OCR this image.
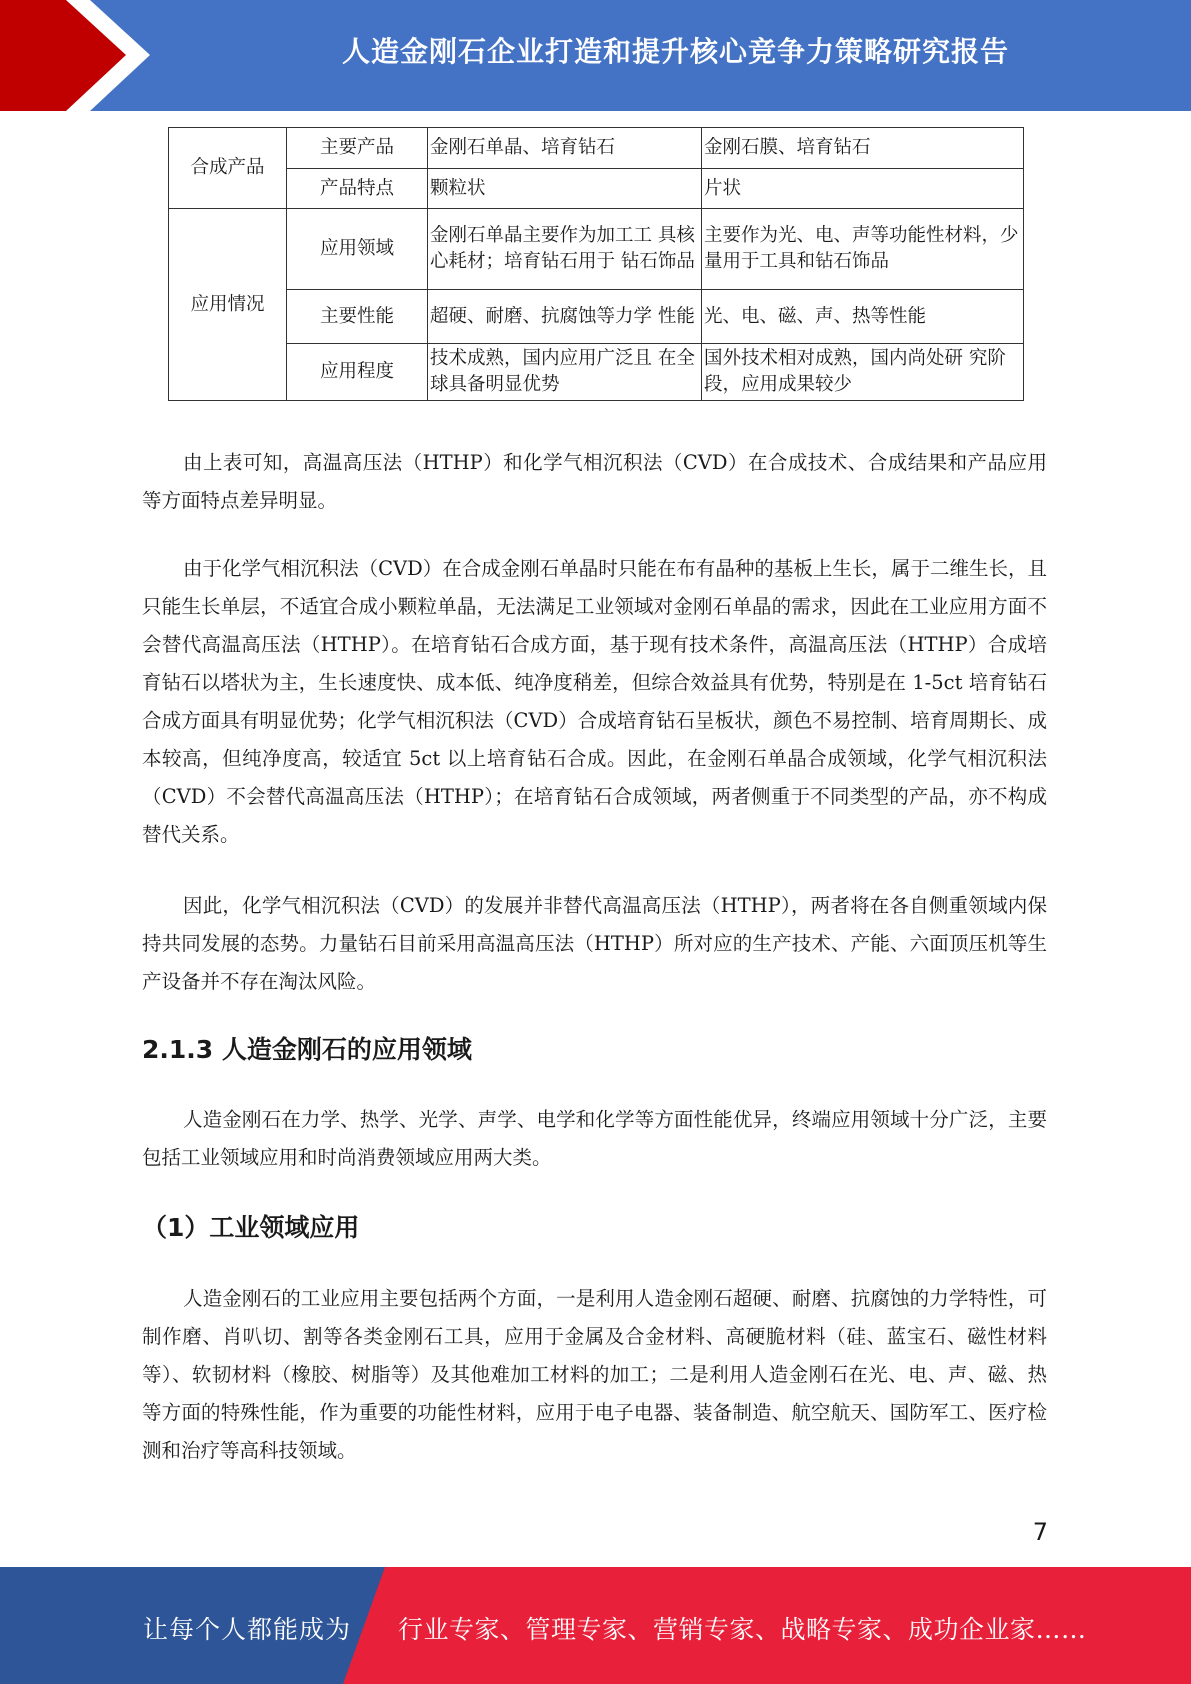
人造金刚石企业打造和提升核心竞争力策略研究报告
合成产品	主要产品	金刚石单晶、培育钻石	金刚石膜、培育钻石
	产品特点	颗粒状	片状
应用情况	应用领域	金刚石单晶主要作为加工工 具核心耗材；培育钻石用于 钻石饰品	主要作为光、电、声等功能性材料，少量用于工具和钻石饰品
	主要性能	超硬、耐磨、抗腐蚀等力学 性能	光、电、磁、声、热等性能
	应用程度	技术成熟，国内应用广泛且 在全球具备明显优势	国外技术相对成熟，国内尚处研 究阶段，应用成果较少

由上表可知，高温高压法（HTHP）和化学气相沉积法（CVD）在合成技术、合成结果和产品应用等方面特点差异明显。

由于化学气相沉积法（CVD）在合成金刚石单晶时只能在布有晶种的基板上生长，属于二维生长，且只能生长单层，不适宜合成小颗粒单晶，无法满足工业领域对金刚石单晶的需求，因此在工业应用方面不会替代高温高压法（HTHP）。在培育钻石合成方面，基于现有技术条件，高温高压法（HTHP）合成培育钻石以塔状为主，生长速度快、成本低、纯净度稍差，但综合效益具有优势，特别是在 1-5ct 培育钻石合成方面具有明显优势；化学气相沉积法（CVD）合成培育钻石呈板状，颜色不易控制、培育周期长、成本较高，但纯净度高，较适宜 5ct 以上培育钻石合成。因此，在金刚石单晶合成领域，化学气相沉积法（CVD）不会替代高温高压法（HTHP）；在培育钻石合成领域，两者侧重于不同类型的产品，亦不构成替代关系。

因此，化学气相沉积法（CVD）的发展并非替代高温高压法（HTHP），两者将在各自侧重领域内保持共同发展的态势。力量钻石目前采用高温高压法（HTHP）所对应的生产技术、产能、六面顶压机等生产设备并不存在淘汰风险。

2.1.3 人造金刚石的应用领域

人造金刚石在力学、热学、光学、声学、电学和化学等方面性能优异，终端应用领域十分广泛，主要包括工业领域应用和时尚消费领域应用两大类。

（1）工业领域应用

人造金刚石的工业应用主要包括两个方面，一是利用人造金刚石超硬、耐磨、抗腐蚀的力学特性，可制作磨、肖叭切、割等各类金刚石工具，应用于金属及合金材料、高硬脆材料（硅、蓝宝石、磁性材料等）、软韧材料（橡胶、树脂等）及其他难加工材料的加工；二是利用人造金刚石在光、电、声、磁、热等方面的特殊性能，作为重要的功能性材料，应用于电子电器、装备制造、航空航天、国防军工、医疗检测和治疗等高科技领域。

7
让每个人都能成为 行业专家、管理专家、营销专家、战略专家、成功企业家……
